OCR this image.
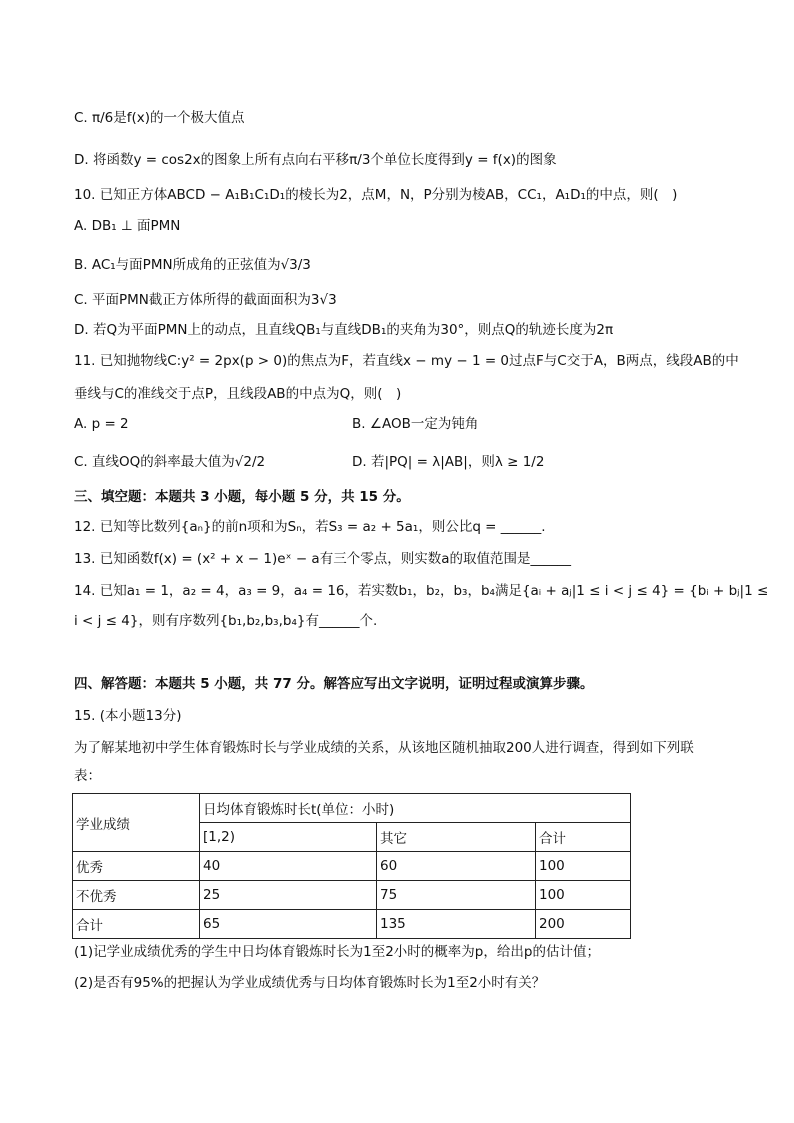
C. π/6是f(x)的一个极大值点
D. 将函数y = cos2x的图象上所有点向右平移π/3个单位长度得到y = f(x)的图象
10. 已知正方体ABCD − A₁B₁C₁D₁的棱长为2，点M，N，P分别为棱AB，CC₁，A₁D₁的中点，则(　)
A. DB₁ ⊥ 面PMN
B. AC₁与面PMN所成角的正弦值为√3/3
C. 平面PMN截正方体所得的截面面积为3√3
D. 若Q为平面PMN上的动点，且直线QB₁与直线DB₁的夹角为30°，则点Q的轨迹长度为2π
11. 已知抛物线C:y² = 2px(p > 0)的焦点为F，若直线x − my − 1 = 0过点F与C交于A，B两点，线段AB的中
垂线与C的准线交于点P，且线段AB的中点为Q，则(　)
A. p = 2	B. ∠AOB一定为钝角
C. 直线OQ的斜率最大值为√2/2	D. 若|PQ| = λ|AB|，则λ ≥ 1/2
三、填空题：本题共 3 小题，每小题 5 分，共 15 分。
12. 已知等比数列{aₙ}的前n项和为Sₙ，若S₃ = a₂ + 5a₁，则公比q = ______.
13. 已知函数f(x) = (x² + x − 1)eˣ − a有三个零点，则实数a的取值范围是______
14. 已知a₁ = 1，a₂ = 4，a₃ = 9，a₄ = 16，若实数b₁，b₂，b₃，b₄满足{aᵢ + aⱼ|1 ≤ i < j ≤ 4} = {bᵢ + bⱼ|1 ≤
i < j ≤ 4}，则有序数列{b₁,b₂,b₃,b₄}有______个.
四、解答题：本题共 5 小题，共 77 分。解答应写出文字说明，证明过程或演算步骤。
15. (本小题13分)
为了解某地初中学生体育锻炼时长与学业成绩的关系，从该地区随机抽取200人进行调查，得到如下列联
表：
学业成绩	日均体育锻炼时长t(单位：小时)		
	[1,2)	其它	合计
优秀	40	60	100
不优秀	25	75	100
合计	65	135	200
(1)记学业成绩优秀的学生中日均体育锻炼时长为1至2小时的概率为p，给出p的估计值；
(2)是否有95%的把握认为学业成绩优秀与日均体育锻炼时长为1至2小时有关？
